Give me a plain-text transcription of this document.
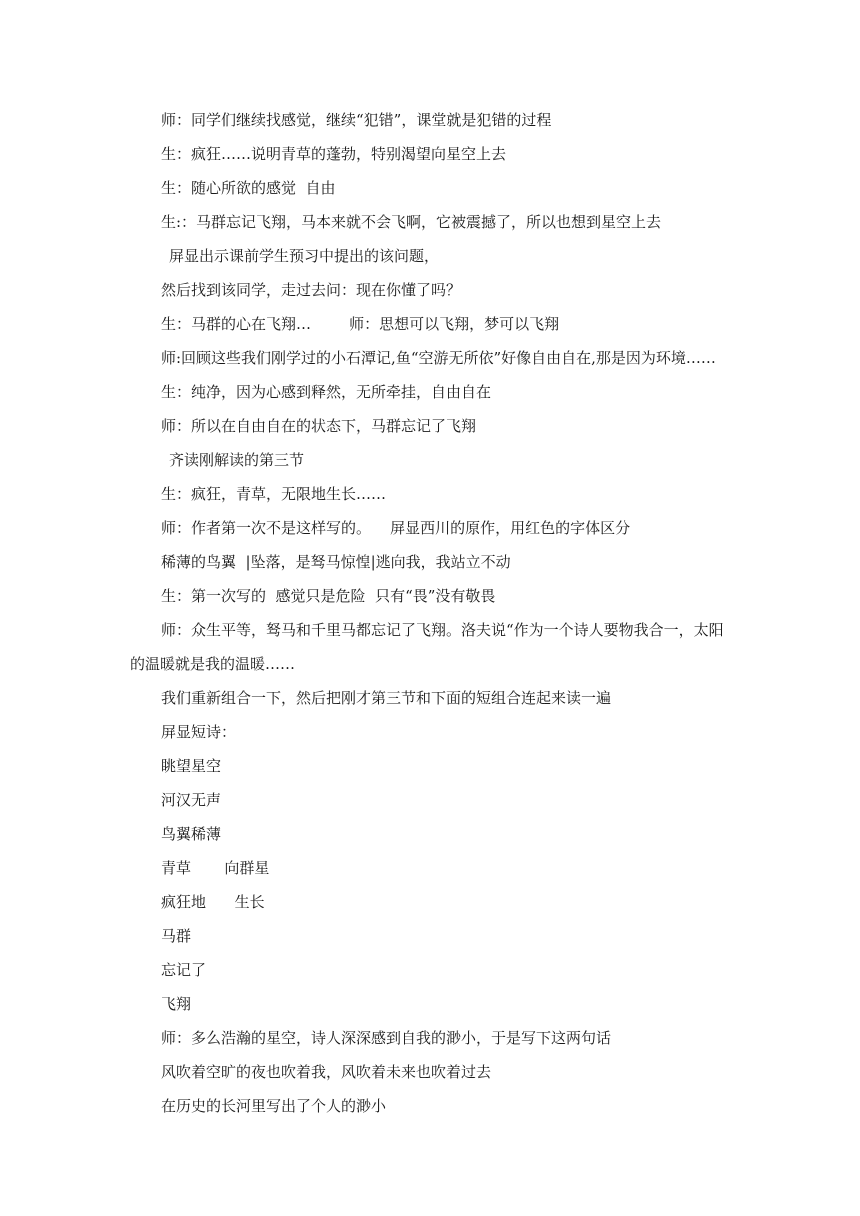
师：同学们继续找感觉，继续“犯错”，课堂就是犯错的过程
生：疯狂……说明青草的蓬勃，特别渴望向星空上去
生：随心所欲的感觉  自由
生:：马群忘记飞翔，马本来就不会飞啊，它被震撼了，所以也想到星空上去
屏显出示课前学生预习中提出的该问题，
然后找到该同学，走过去问：现在你懂了吗？
生：马群的心在飞翔…        师：思想可以飞翔，梦可以飞翔
师:回顾这些我们刚学过的小石潭记,鱼“空游无所依”好像自由自在,那是因为环境……
生：纯净，因为心感到释然，无所牵挂，自由自在
师：所以在自由自在的状态下，马群忘记了飞翔
齐读刚解读的第三节
生：疯狂，青草，无限地生长……
师：作者第一次不是这样写的。    屏显西川的原作，用红色的字体区分
稀薄的鸟翼  |坠落，是驽马惊惶|逃向我，我站立不动
生：第一次写的  感觉只是危险  只有“畏”没有敬畏
师：众生平等，驽马和千里马都忘记了飞翔。洛夫说“作为一个诗人要物我合一，太阳
的温暖就是我的温暖……
我们重新组合一下，然后把刚才第三节和下面的短组合连起来读一遍
屏显短诗：
眺望星空
河汉无声
鸟翼稀薄
青草       向群星
疯狂地      生长
马群
忘记了
飞翔
师：多么浩瀚的星空，诗人深深感到自我的渺小，于是写下这两句话
风吹着空旷的夜也吹着我，风吹着未来也吹着过去
在历史的长河里写出了个人的渺小
